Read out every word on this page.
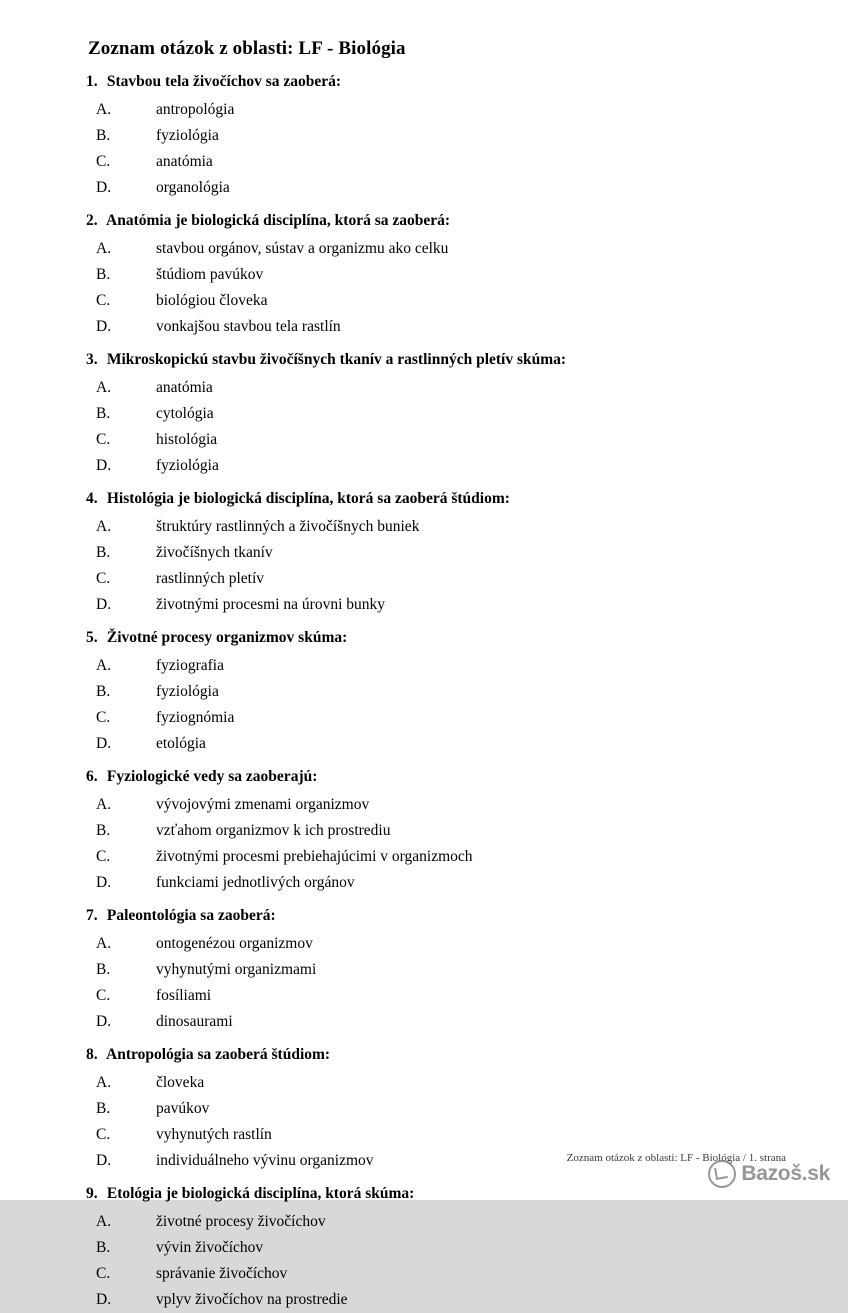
Zoznam otázok z oblasti: LF - Biológia

1. Stavbou tela živočíchov sa zaoberá:

A.	antropológia
B.	fyziológia
C.	anatómia
D.	organológia

2. Anatómia je biologická disciplína, ktorá sa zaoberá:

A.	stavbou orgánov, sústav a organizmu ako celku
B.	štúdiom pavúkov
C.	biológiou človeka
D.	vonkajšou stavbou tela rastlín

3. Mikroskopickú stavbu živočíšnych tkanív a rastlinných pletív skúma:

A.	anatómia
B.	cytológia
C.	histológia
D.	fyziológia

4. Histológia je biologická disciplína, ktorá sa zaoberá štúdiom:

A.	štruktúry rastlinných a živočíšnych buniek
B.	živočíšnych tkanív
C.	rastlinných pletív
D.	životnými procesmi na úrovni bunky

5. Životné procesy organizmov skúma:

A.	fyziografia
B.	fyziológia
C.	fyziognómia
D.	etológia

6. Fyziologické vedy sa zaoberajú:

A.	vývojovými zmenami organizmov
B.	vzťahom organizmov k ich prostrediu
C.	životnými procesmi prebiehajúcimi v organizmoch
D.	funkciami jednotlivých orgánov

7. Paleontológia sa zaoberá:

A.	ontogenézou organizmov
B.	vyhynutými organizmami
C.	fosíliami
D.	dinosaurami

8. Antropológia sa zaoberá štúdiom:

A.	človeka
B.	pavúkov
C.	vyhynutých rastlín
D.	individuálneho vývinu organizmov

9. Etológia je biologická disciplína, ktorá skúma:

A.	životné procesy živočíchov
B.	vývin živočíchov
C.	správanie živočíchov
D.	vplyv živočíchov na prostredie
Zoznam otázok z oblasti: LF - Biológia / 1. strana
Bazoš.sk
